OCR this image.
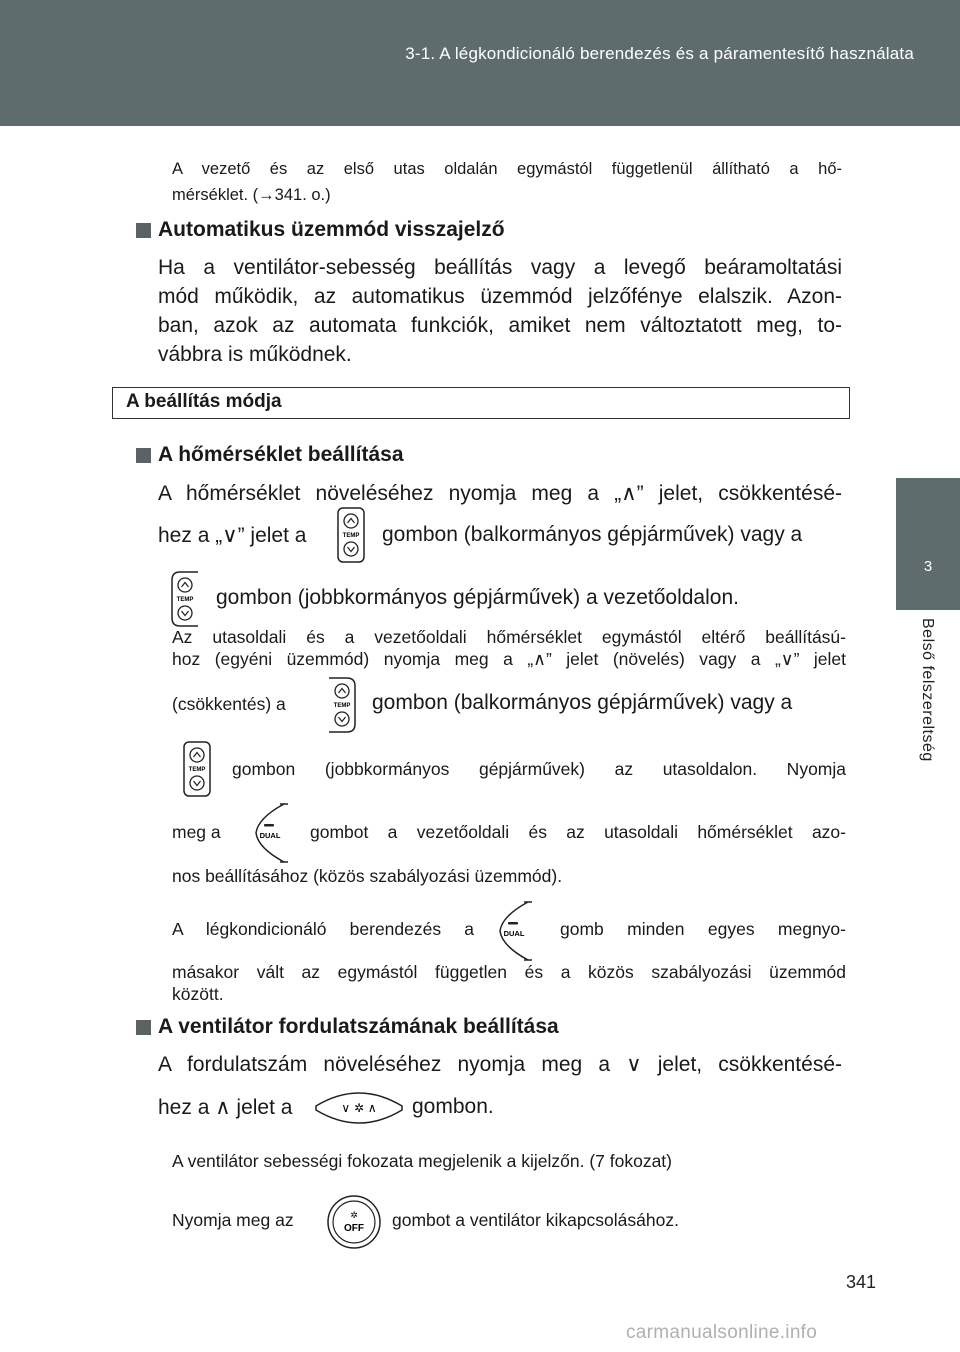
3-1. A légkondicionáló berendezés és a páramentesítő használata
3
Belső felszereltség
A vezető és az első utas oldalán egymástól függetlenül állítható a hő-
mérséklet. (→341. o.)
Automatikus üzemmód visszajelző
Ha a ventilátor-sebesség beállítás vagy a levegő beáramoltatási
mód működik, az automatikus üzemmód jelzőfénye elalszik. Azon-
ban, azok az automata funkciók, amiket nem változtatott meg, to-
vábbra is működnek.
A beállítás módja
A hőmérséklet beállítása
A hőmérséklet növeléséhez nyomja meg a „∧” jelet, csökkentésé-
hez a „∨” jelet a	TEMP gombon (balkormányos gépjárművek) vagy a
TEMP gombon (jobbkormányos gépjárművek) a vezetőoldalon.
Az utasoldali és a vezetőoldali hőmérséklet egymástól eltérő beállítású-
hoz (egyéni üzemmód) nyomja meg a „∧” jelet (növelés) vagy a „∨” jelet
(csökkentés) a	TEMP gombon (balkormányos gépjárművek) vagy a
TEMP gombon (jobbkormányos gépjárművek) az utasoldalon. Nyomja
meg a	DUAL gombot a vezetőoldali és az utasoldali hőmérséklet azo-
nos beállításához (közös szabályozási üzemmód).
A légkondicionáló berendezés a	DUAL gomb minden egyes megnyo-
másakor vált az egymástól független és a közös szabályozási üzemmód
között.
A ventilátor fordulatszámának beállítása
A fordulatszám növeléséhez nyomja meg a ∨ jelet, csökkentésé-
hez a ∧ jelet a	∨ ✲ ∧ gombon.
A ventilátor sebességi fokozata megjelenik a kijelzőn. (7 fokozat)
Nyomja meg az	✲
OFF gombot a ventilátor kikapcsolásához.
341
carmanualsonline.info
